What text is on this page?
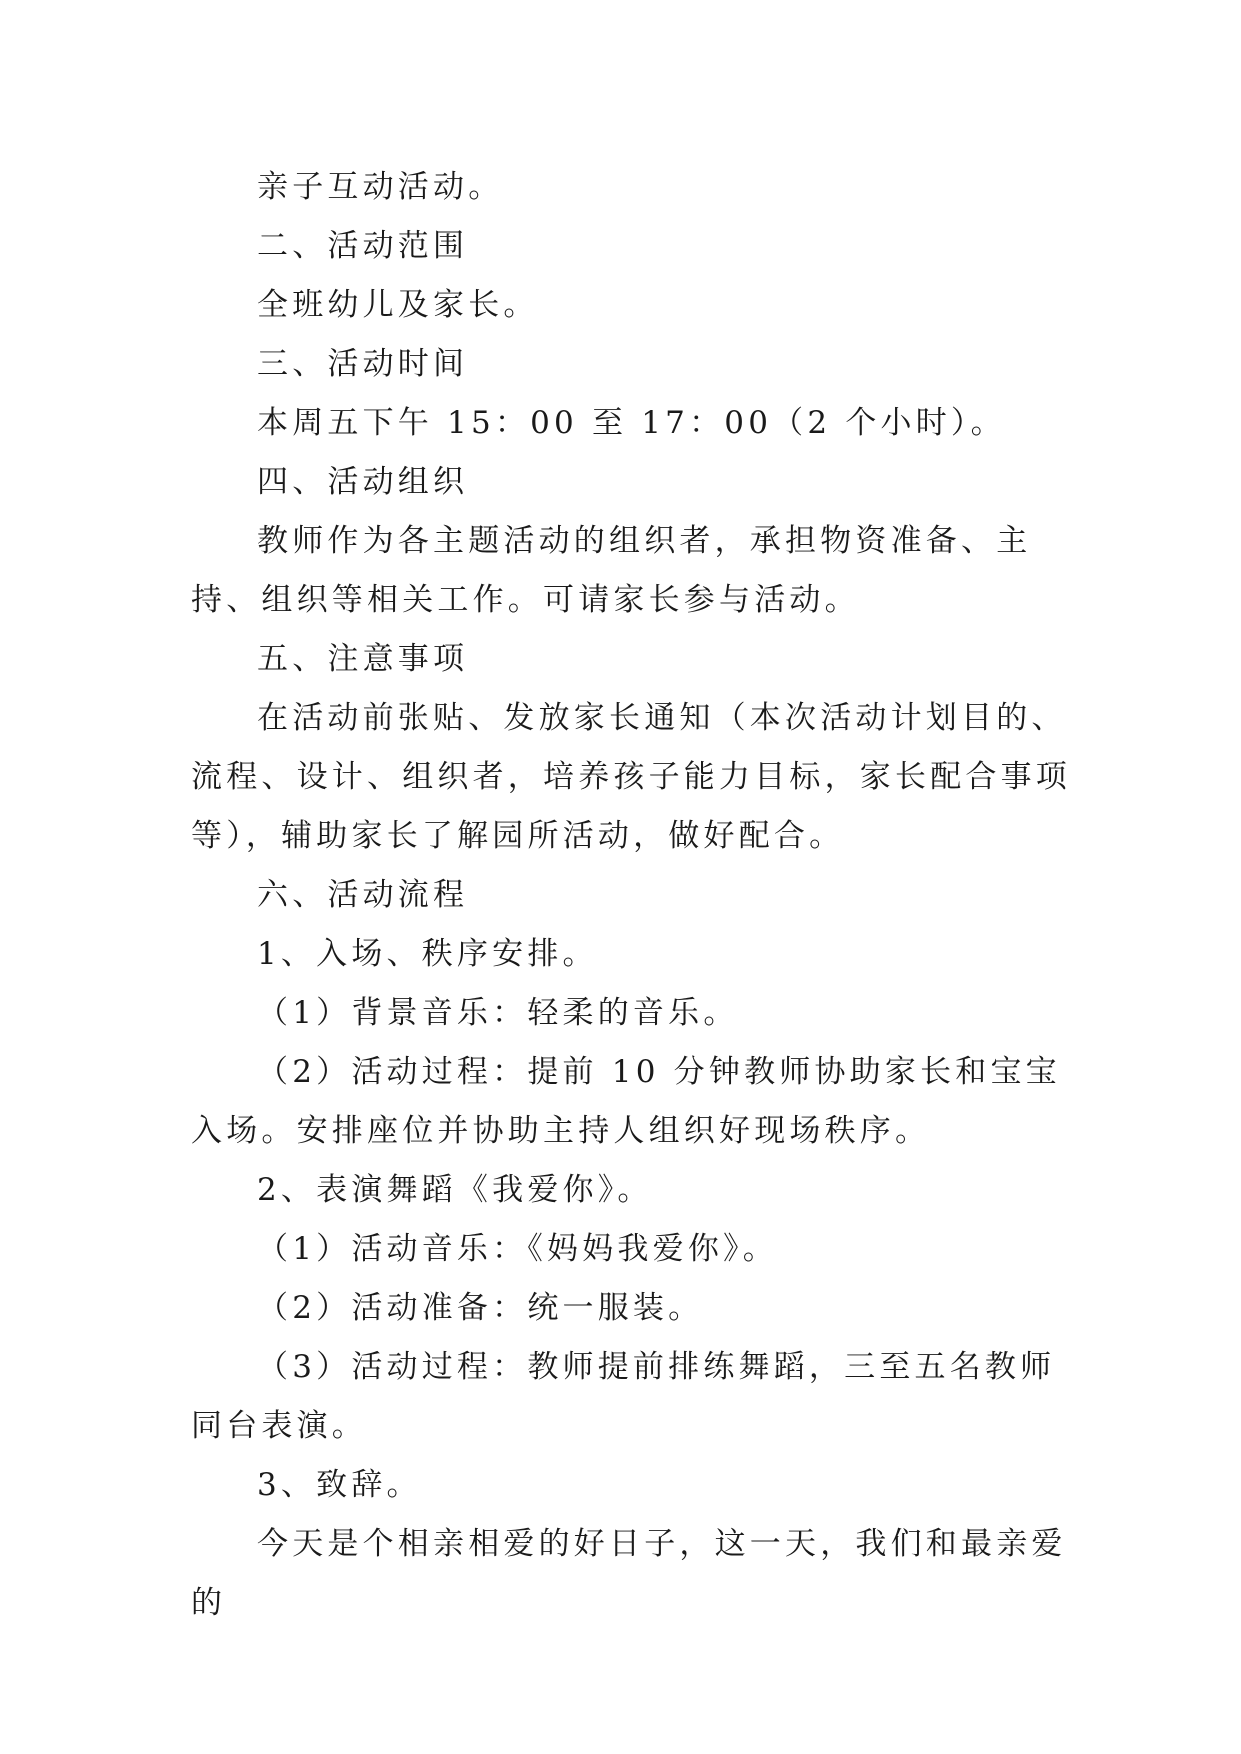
亲子互动活动。

二、活动范围

全班幼儿及家长。

三、活动时间

本周五下午 15：00 至 17：00（2 个小时）。

四、活动组织

教师作为各主题活动的组织者，承担物资准备、主持、组织等相关工作。可请家长参与活动。

五、注意事项

在活动前张贴、发放家长通知（本次活动计划目的、流程、设计、组织者，培养孩子能力目标，家长配合事项等），辅助家长了解园所活动，做好配合。

六、活动流程

1、入场、秩序安排。

（1）背景音乐：轻柔的音乐。

（2）活动过程：提前 10 分钟教师协助家长和宝宝入场。安排座位并协助主持人组织好现场秩序。

2、表演舞蹈《我爱你》。

（1）活动音乐：《妈妈我爱你》。

（2）活动准备：统一服装。

（3）活动过程：教师提前排练舞蹈，三至五名教师同台表演。

3、致辞。

今天是个相亲相爱的好日子，这一天，我们和最亲爱的
